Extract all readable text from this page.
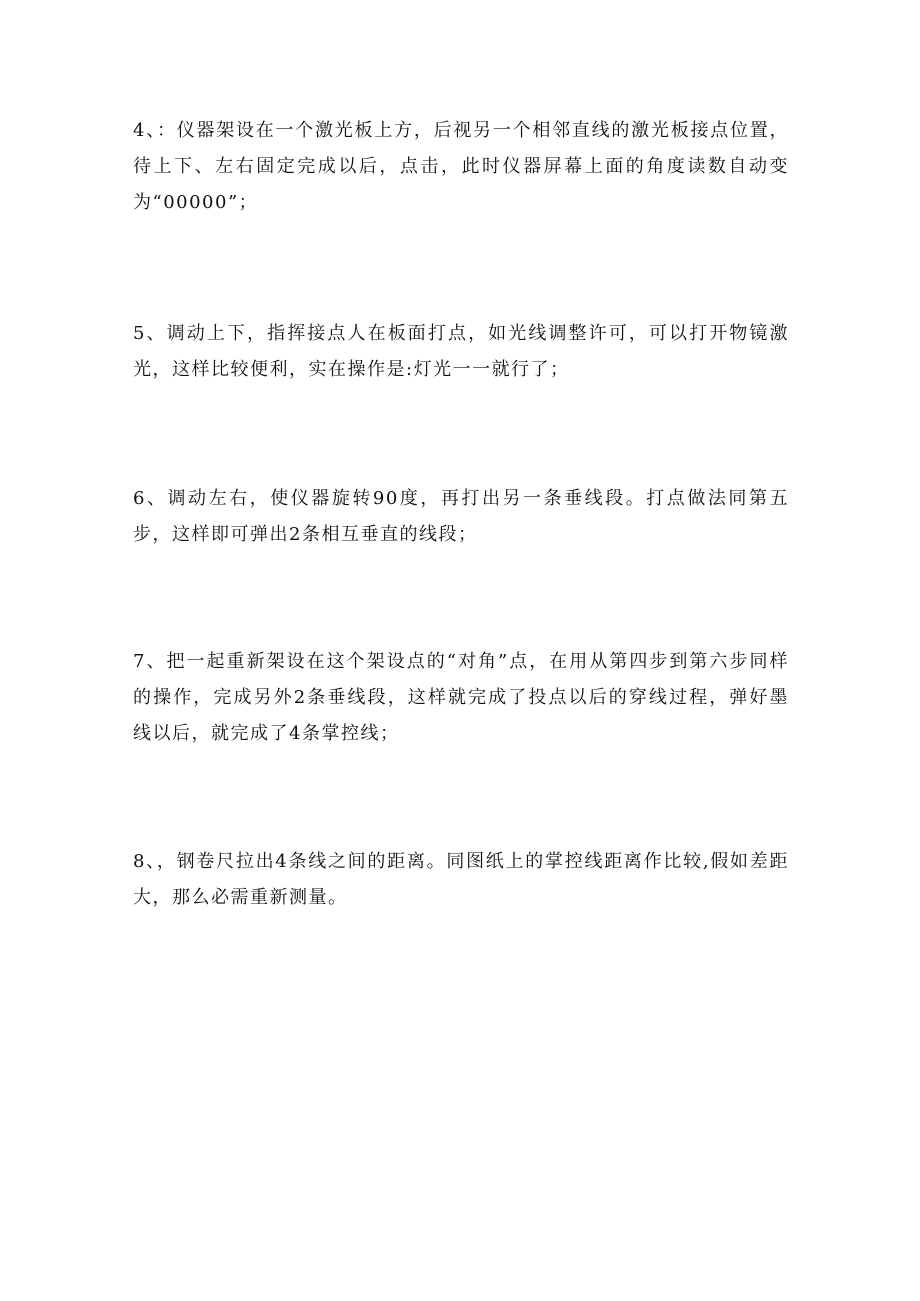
4、：仪器架设在一个激光板上方，后视另一个相邻直线的激光板接点位置，待上下、左右固定完成以后，点击，此时仪器屏幕上面的角度读数自动变为“00000”；

5、调动上下，指挥接点人在板面打点，如光线调整许可，可以打开物镜激光，这样比较便利，实在操作是:灯光一一就行了；

6、调动左右，使仪器旋转90度，再打出另一条垂线段。打点做法同第五步，这样即可弹出2条相互垂直的线段；

7、把一起重新架设在这个架设点的“对角”点，在用从第四步到第六步同样的操作，完成另外2条垂线段，这样就完成了投点以后的穿线过程，弹好墨线以后，就完成了4条掌控线；

8、，钢卷尺拉出4条线之间的距离。同图纸上的掌控线距离作比较,假如差距大，那么必需重新测量。
